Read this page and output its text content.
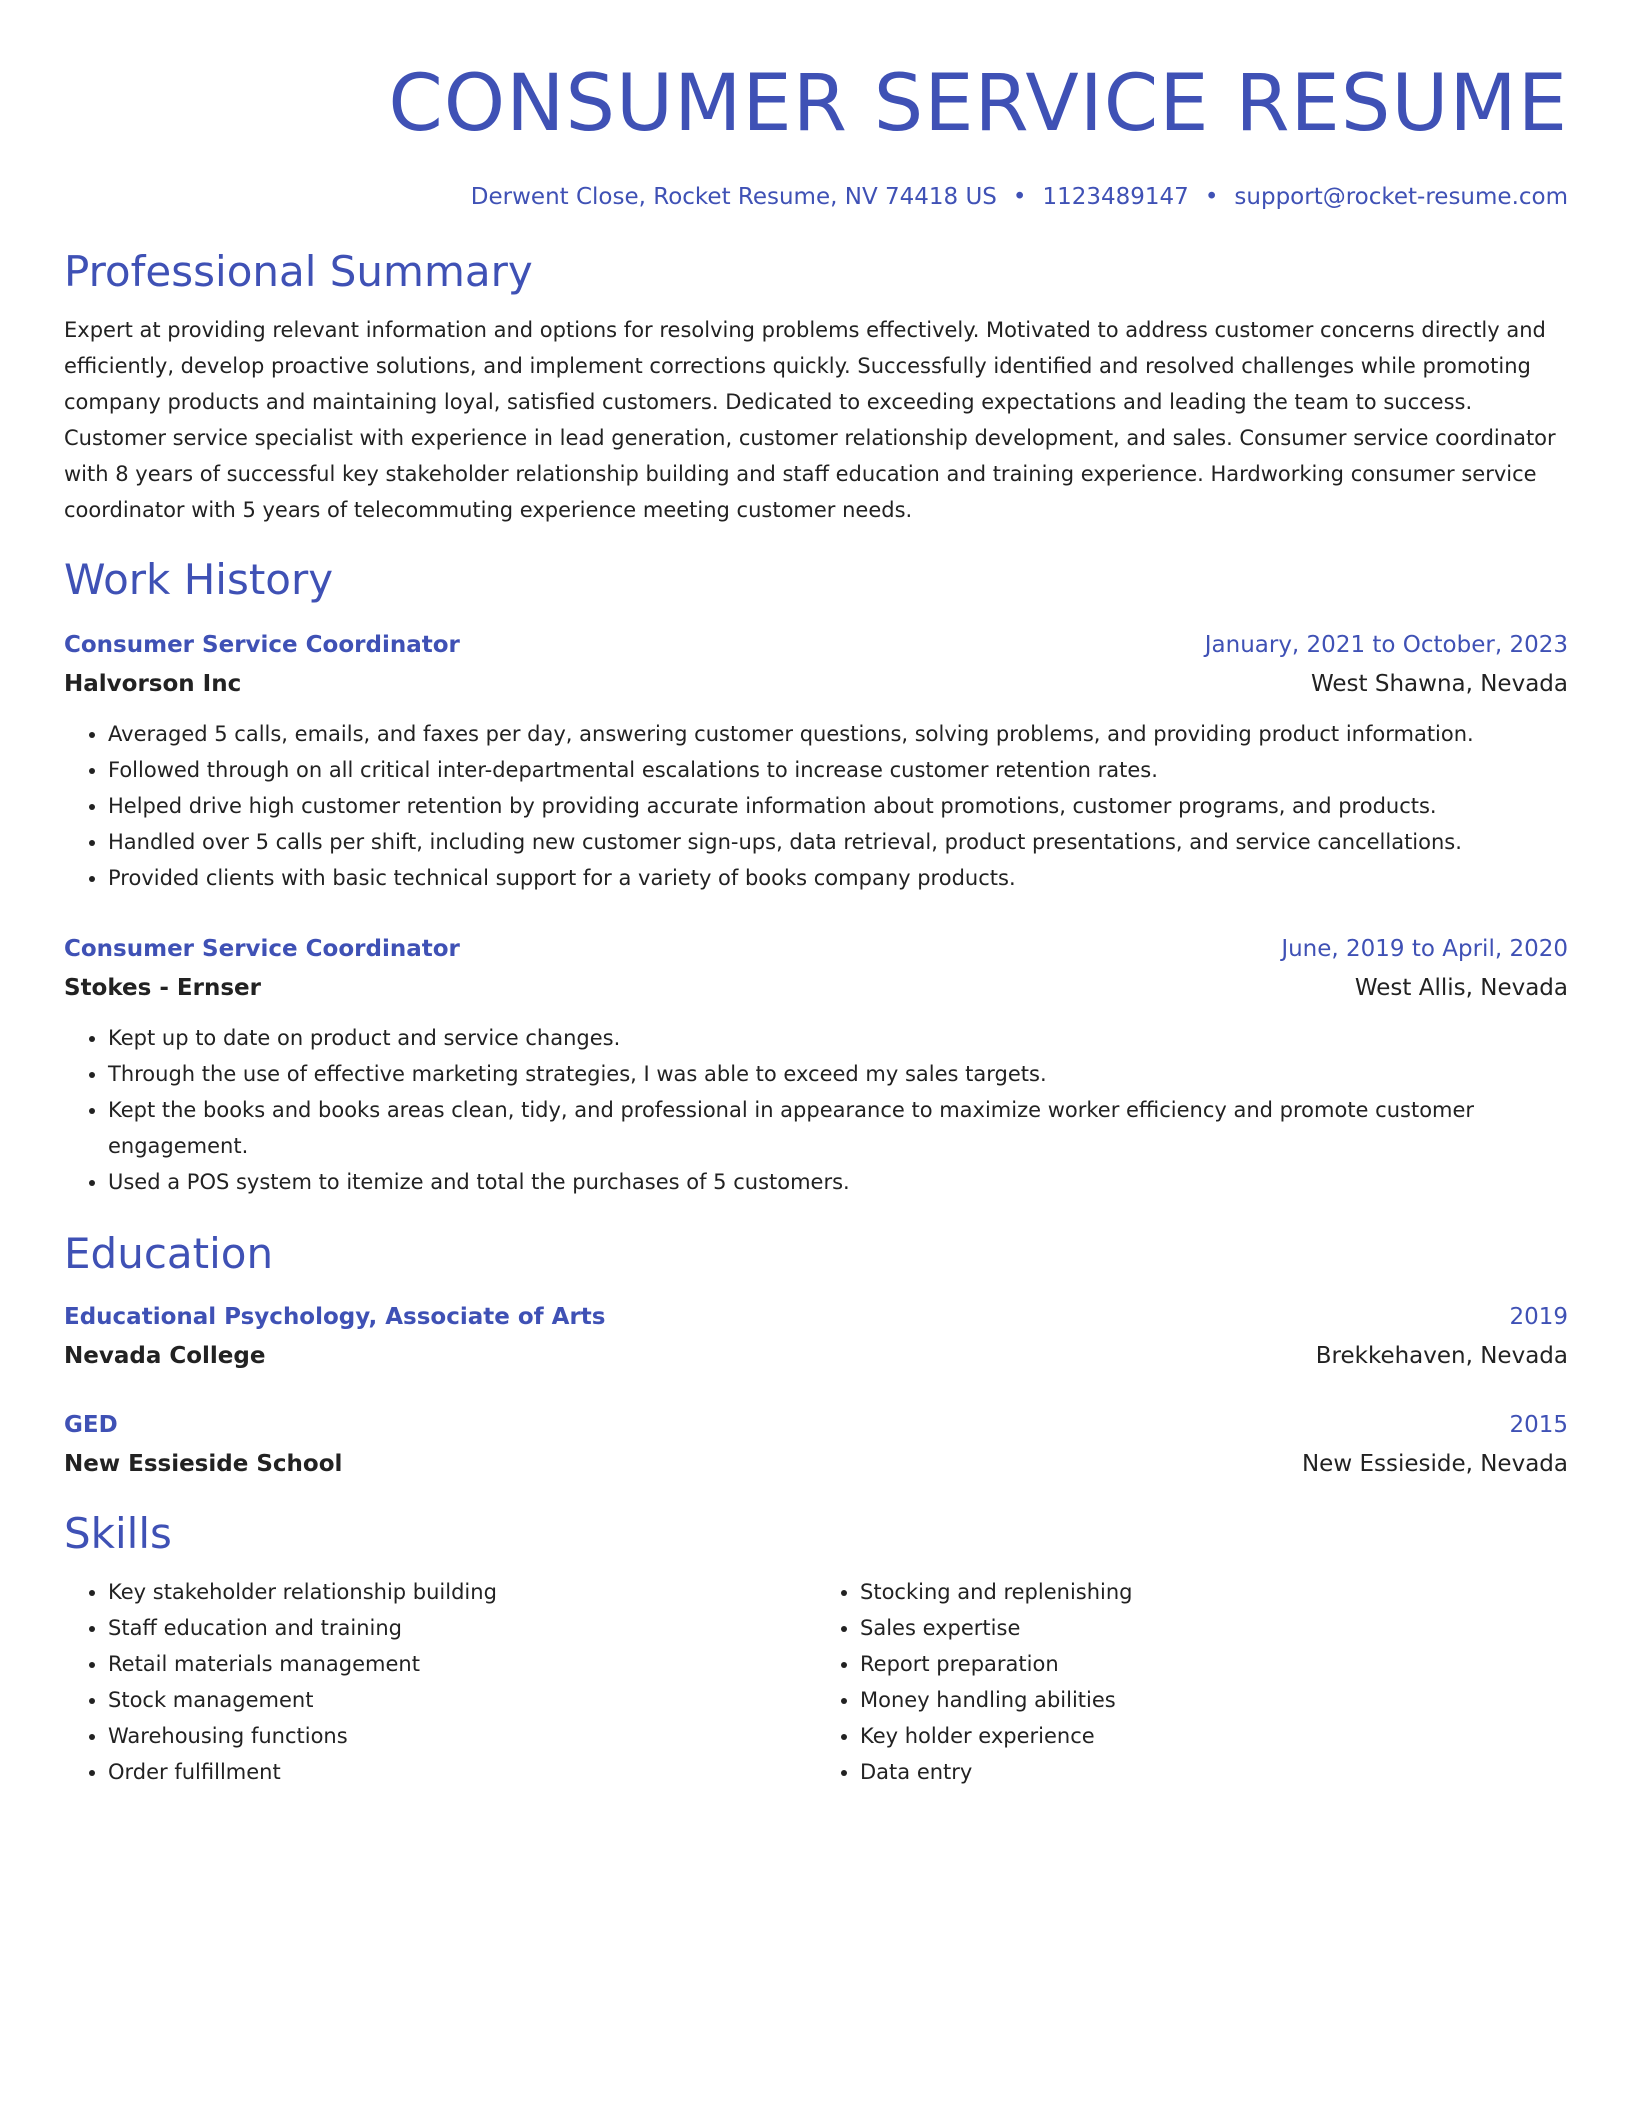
CONSUMER SERVICE RESUME
Derwent Close, Rocket Resume, NV 74418 US • 1123489147 • support@rocket-resume.com
Professional Summary
Expert at providing relevant information and options for resolving problems effectively. Motivated to address customer concerns directly and efficiently, develop proactive solutions, and implement corrections quickly. Successfully identified and resolved challenges while promoting company products and maintaining loyal, satisfied customers. Dedicated to exceeding expectations and leading the team to success. Customer service specialist with experience in lead generation, customer relationship development, and sales. Consumer service coordinator with 8 years of successful key stakeholder relationship building and staff education and training experience. Hardworking consumer service coordinator with 5 years of telecommuting experience meeting customer needs.
Work History
Consumer Service Coordinator	January, 2021 to October, 2023
Halvorson Inc	West Shawna, Nevada
• Averaged 5 calls, emails, and faxes per day, answering customer questions, solving problems, and providing product information.
• Followed through on all critical inter-departmental escalations to increase customer retention rates.
• Helped drive high customer retention by providing accurate information about promotions, customer programs, and products.
• Handled over 5 calls per shift, including new customer sign-ups, data retrieval, product presentations, and service cancellations.
• Provided clients with basic technical support for a variety of books company products.
Consumer Service Coordinator	June, 2019 to April, 2020
Stokes - Ernser	West Allis, Nevada
• Kept up to date on product and service changes.
• Through the use of effective marketing strategies, I was able to exceed my sales targets.
• Kept the books and books areas clean, tidy, and professional in appearance to maximize worker efficiency and promote customer engagement.
• Used a POS system to itemize and total the purchases of 5 customers.
Education
Educational Psychology, Associate of Arts	2019
Nevada College	Brekkehaven, Nevada
GED	2015
New Essieside School	New Essieside, Nevada
Skills
• Key stakeholder relationship building
• Staff education and training
• Retail materials management
• Stock management
• Warehousing functions
• Order fulfillment
• Stocking and replenishing
• Sales expertise
• Report preparation
• Money handling abilities
• Key holder experience
• Data entry
